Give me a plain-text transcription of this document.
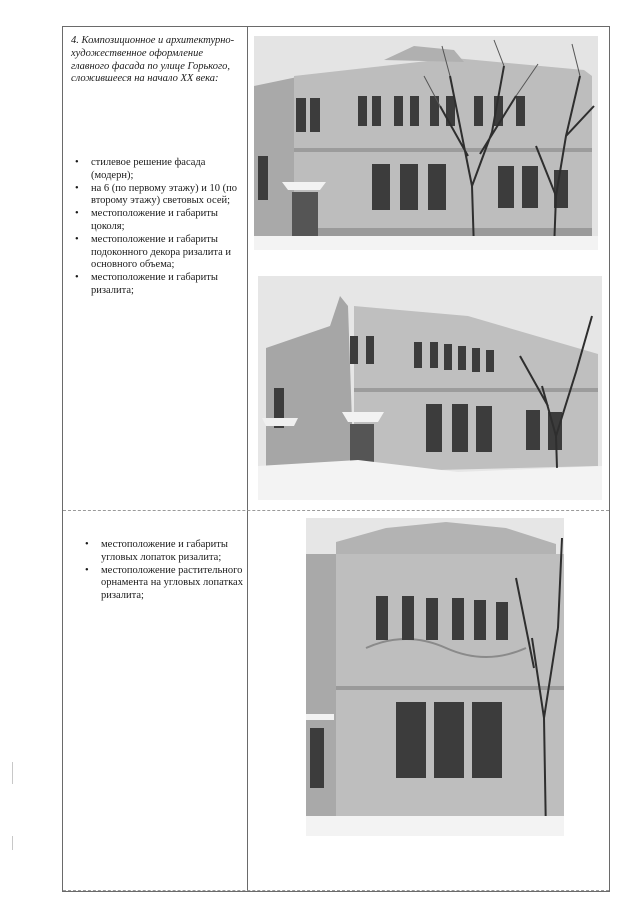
4. Композиционное и архитектурно-художественное оформление главного фасада по улице Горького, сложившееся на начало XX века:
• стилевое решение фасада (модерн);
• на 6 (по первому этажу) и 10 (по второму этажу) световых осей;
• местоположение и габариты цоколя;
• местоположение и габариты подоконного декора ризалита и основного объема;
• местоположение и габариты ризалита;
• местоположение и габариты угловых лопаток ризалита;
• местоположение растительного орнамента на угловых лопатках ризалита;
